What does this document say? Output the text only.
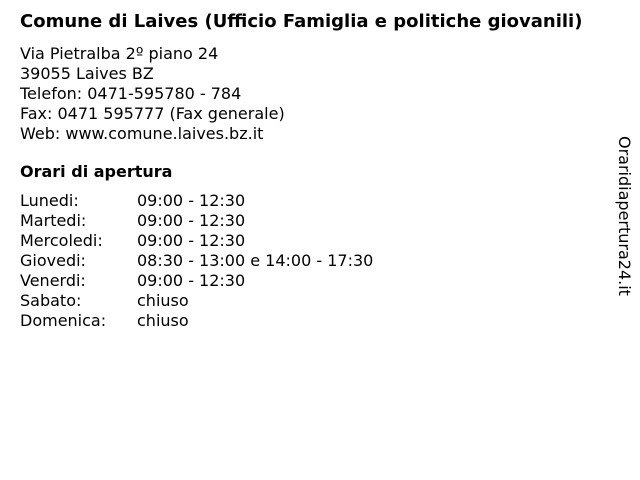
Comune di Laives (Ufficio Famiglia e politiche giovanili)
Via Pietralba 2º piano 24
39055 Laives BZ
Telefon: 0471-595780 - 784
Fax: 0471 595777 (Fax generale)
Web: www.comune.laives.bz.it
Orari di apertura
Lunedi:	09:00 - 12:30
Martedi:	09:00 - 12:30
Mercoledi:	09:00 - 12:30
Giovedi:	08:30 - 13:00 e 14:00 - 17:30
Venerdi:	09:00 - 12:30
Sabato:	chiuso
Domenica:	chiuso
Oraridiapertura24.it
